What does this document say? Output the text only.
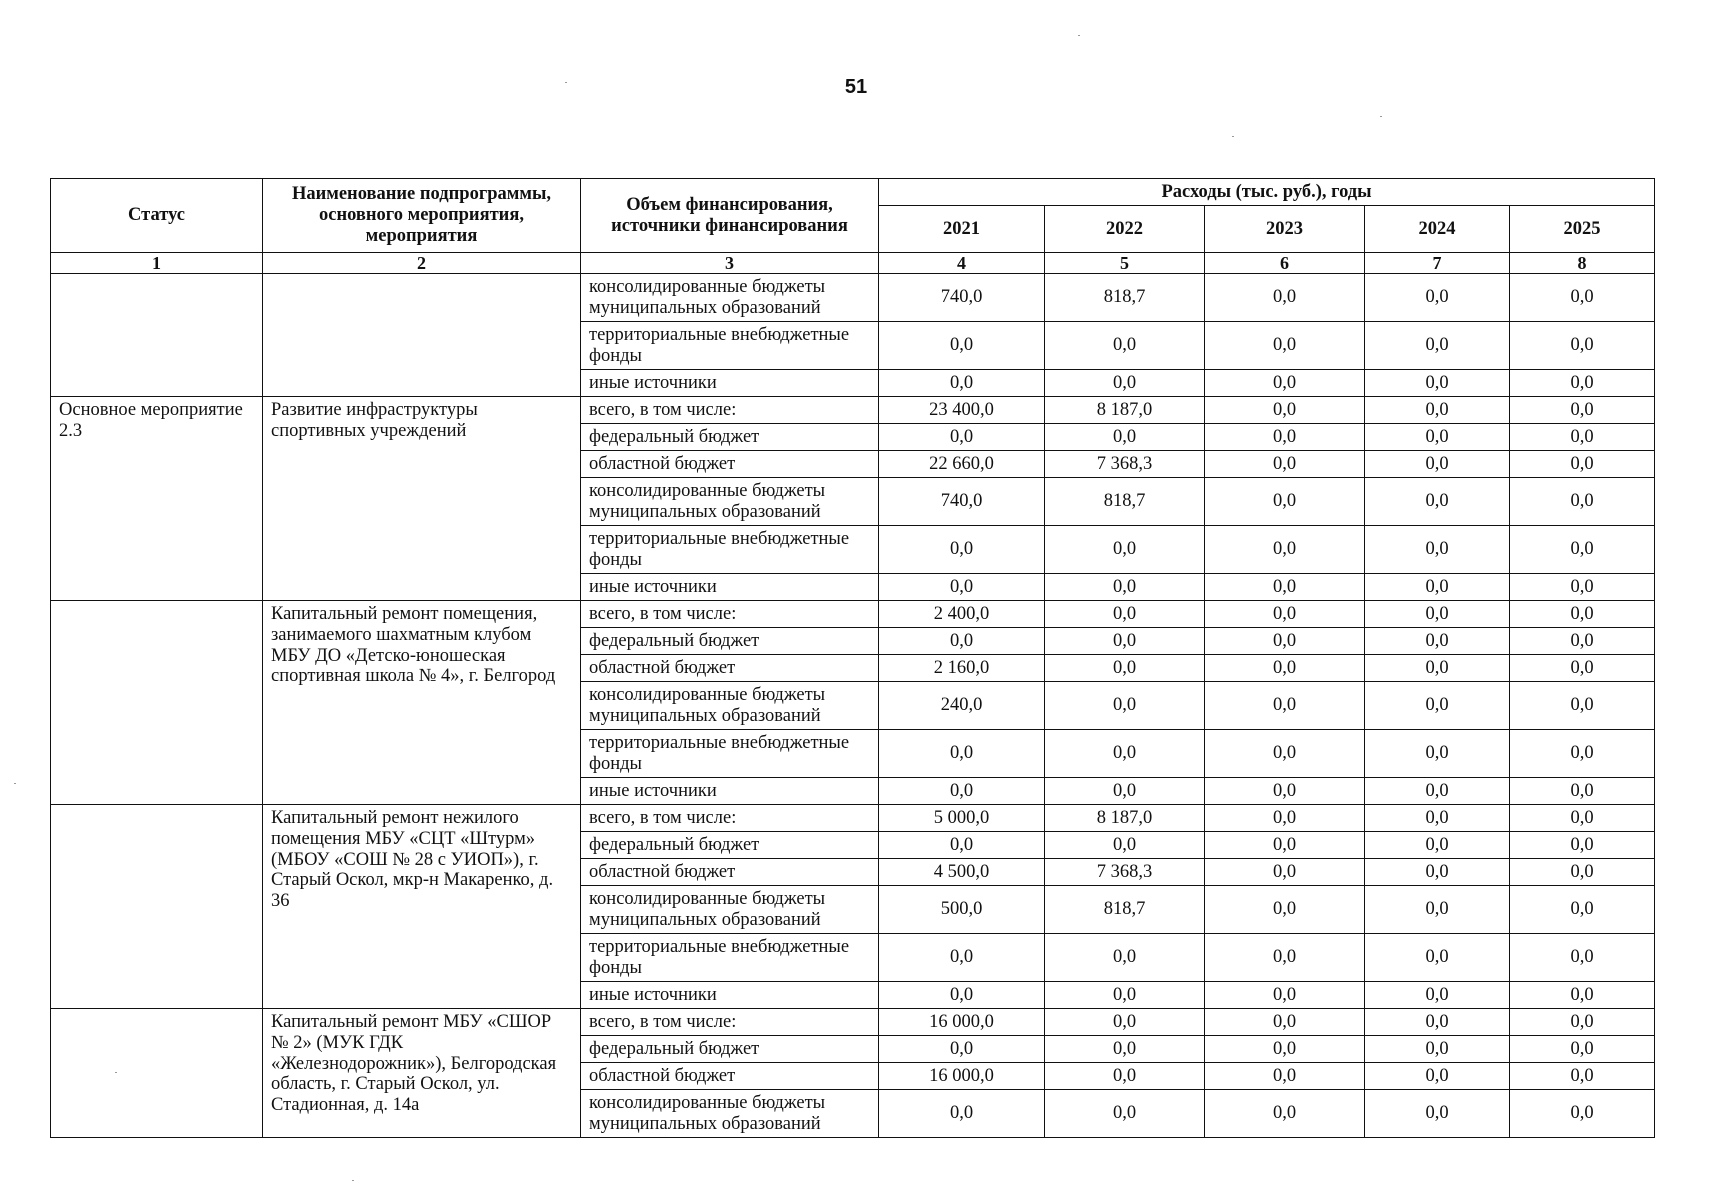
51
Статус	Наименование подпрограммы, основного мероприятия, мероприятия	Объем финансирования, источники финансирования	Расходы (тыс. руб.), годы				
			2021	2022	2023	2024	2025
1	2	3	4	5	6	7	8
		консолидированные бюджеты муниципальных образований	740,0	818,7	0,0	0,0	0,0
		территориальные внебюджетные фонды	0,0	0,0	0,0	0,0	0,0
		иные источники	0,0	0,0	0,0	0,0	0,0
Основное мероприятие 2.3	Развитие инфраструктуры спортивных учреждений	всего, в том числе:	23 400,0	8 187,0	0,0	0,0	0,0
		федеральный бюджет	0,0	0,0	0,0	0,0	0,0
		областной бюджет	22 660,0	7 368,3	0,0	0,0	0,0
		консолидированные бюджеты муниципальных образований	740,0	818,7	0,0	0,0	0,0
		территориальные внебюджетные фонды	0,0	0,0	0,0	0,0	0,0
		иные источники	0,0	0,0	0,0	0,0	0,0
	Капитальный ремонт помещения, занимаемого шахматным клубом МБУ ДО «Детско-юношеская спортивная школа № 4», г. Белгород	всего, в том числе:	2 400,0	0,0	0,0	0,0	0,0
		федеральный бюджет	0,0	0,0	0,0	0,0	0,0
		областной бюджет	2 160,0	0,0	0,0	0,0	0,0
		консолидированные бюджеты муниципальных образований	240,0	0,0	0,0	0,0	0,0
		территориальные внебюджетные фонды	0,0	0,0	0,0	0,0	0,0
		иные источники	0,0	0,0	0,0	0,0	0,0
	Капитальный ремонт нежилого помещения МБУ «СЦТ «Штурм» (МБОУ «СОШ № 28 с УИОП»), г. Старый Оскол, мкр-н Макаренко, д. 36	всего, в том числе:	5 000,0	8 187,0	0,0	0,0	0,0
		федеральный бюджет	0,0	0,0	0,0	0,0	0,0
		областной бюджет	4 500,0	7 368,3	0,0	0,0	0,0
		консолидированные бюджеты муниципальных образований	500,0	818,7	0,0	0,0	0,0
		территориальные внебюджетные фонды	0,0	0,0	0,0	0,0	0,0
		иные источники	0,0	0,0	0,0	0,0	0,0
	Капитальный ремонт МБУ «СШОР № 2» (МУК ГДК «Железнодорожник»), Белгородская область, г. Старый Оскол, ул. Стадионная, д. 14а	всего, в том числе:	16 000,0	0,0	0,0	0,0	0,0
		федеральный бюджет	0,0	0,0	0,0	0,0	0,0
		областной бюджет	16 000,0	0,0	0,0	0,0	0,0
		консолидированные бюджеты муниципальных образований	0,0	0,0	0,0	0,0	0,0
